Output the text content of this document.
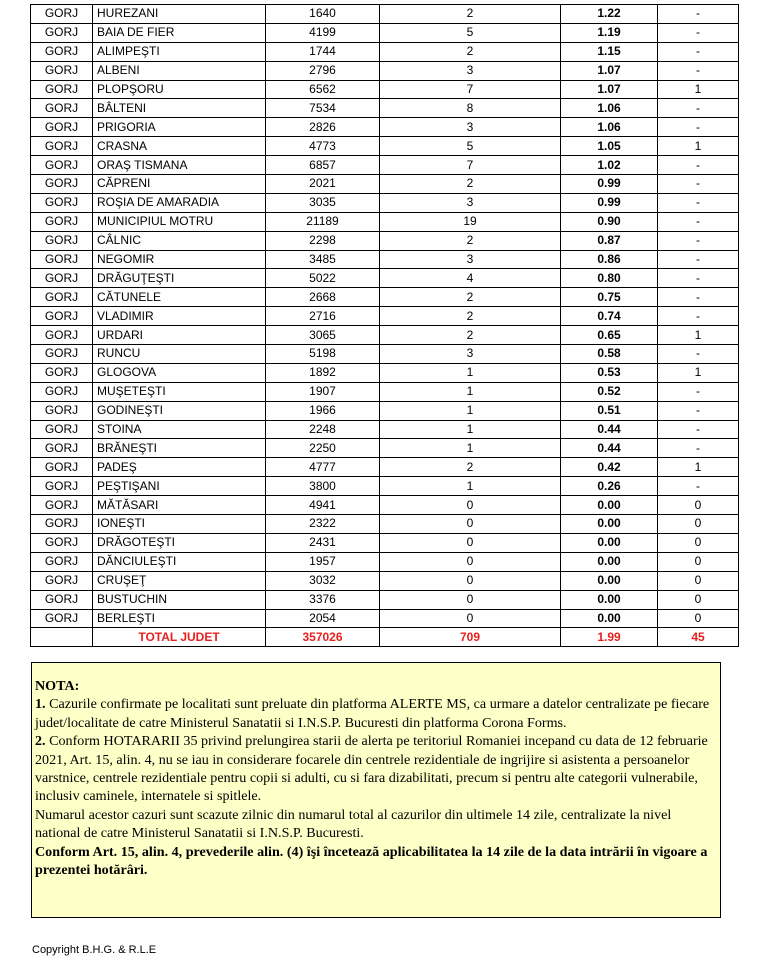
GORJ	HUREZANI	1640	2	1.22	-
GORJ	BAIA DE FIER	4199	5	1.19	-
GORJ	ALIMPEŞTI	1744	2	1.15	-
GORJ	ALBENI	2796	3	1.07	-
GORJ	PLOPŞORU	6562	7	1.07	1
GORJ	BÂLTENI	7534	8	1.06	-
GORJ	PRIGORIA	2826	3	1.06	-
GORJ	CRASNA	4773	5	1.05	1
GORJ	ORAŞ TISMANA	6857	7	1.02	-
GORJ	CĂPRENI	2021	2	0.99	-
GORJ	ROŞIA DE AMARADIA	3035	3	0.99	-
GORJ	MUNICIPIUL MOTRU	21189	19	0.90	-
GORJ	CÂLNIC	2298	2	0.87	-
GORJ	NEGOMIR	3485	3	0.86	-
GORJ	DRĂGUŢEŞTI	5022	4	0.80	-
GORJ	CĂTUNELE	2668	2	0.75	-
GORJ	VLADIMIR	2716	2	0.74	-
GORJ	URDARI	3065	2	0.65	1
GORJ	RUNCU	5198	3	0.58	-
GORJ	GLOGOVA	1892	1	0.53	1
GORJ	MUŞETEŞTI	1907	1	0.52	-
GORJ	GODINEŞTI	1966	1	0.51	-
GORJ	STOINA	2248	1	0.44	-
GORJ	BRĂNEŞTI	2250	1	0.44	-
GORJ	PADEŞ	4777	2	0.42	1
GORJ	PEŞTIŞANI	3800	1	0.26	-
GORJ	MĂTĂSARI	4941	0	0.00	0
GORJ	IONEŞTI	2322	0	0.00	0
GORJ	DRĂGOTEŞTI	2431	0	0.00	0
GORJ	DĂNCIULEŞTI	1957	0	0.00	0
GORJ	CRUŞEŢ	3032	0	0.00	0
GORJ	BUSTUCHIN	3376	0	0.00	0
GORJ	BERLEŞTI	2054	0	0.00	0
	TOTAL JUDET	357026	709	1.99	45

NOTA:

1. Cazurile confirmate pe localitati sunt preluate din platforma ALERTE MS, ca urmare a datelor centralizate pe fiecare judet/localitate de catre Ministerul Sanatatii si I.N.S.P. Bucuresti din platforma Corona Forms.

2. Conform HOTARARII 35 privind prelungirea starii de alerta pe teritoriul Romaniei incepand cu data de 12 februarie 2021, Art. 15, alin. 4, nu se iau in considerare focarele din centrele rezidentiale de ingrijire si asistenta a persoanelor varstnice, centrele rezidentiale pentru copii si adulti, cu si fara dizabilitati, precum si pentru alte categorii vulnerabile, inclusiv caminele, internatele si spitlele.

Numarul acestor cazuri sunt scazute zilnic din numarul total al cazurilor din ultimele 14 zile, centralizate la nivel national de catre Ministerul Sanatatii si I.N.S.P. Bucuresti.

Conform Art. 15, alin. 4, prevederile alin. (4) îşi încetează aplicabilitatea la 14 zile de la data intrării în vigoare a prezentei hotărâri.

Copyright B.H.G. & R.L.E
